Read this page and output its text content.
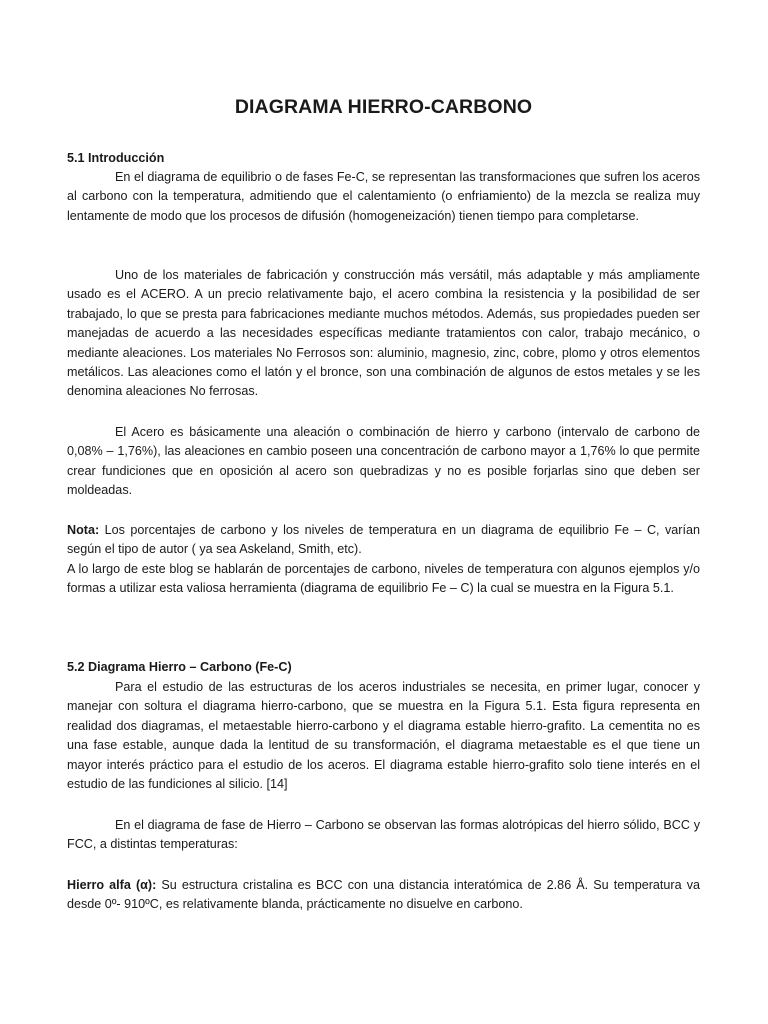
DIAGRAMA HIERRO-CARBONO
5.1 Introducción

En el diagrama de equilibrio o de fases Fe-C, se representan las transformaciones que sufren los aceros al carbono con la temperatura, admitiendo que el calentamiento (o enfriamiento) de la mezcla se realiza muy lentamente de modo que los procesos de difusión (homogeneización) tienen tiempo para completarse.

Uno de los materiales de fabricación y construcción más versátil, más adaptable y más ampliamente usado es el ACERO. A un precio relativamente bajo, el acero combina la resistencia y la posibilidad de ser trabajado, lo que se presta para fabricaciones mediante muchos métodos. Además, sus propiedades pueden ser manejadas de acuerdo a las necesidades específicas mediante tratamientos con calor, trabajo mecánico, o mediante aleaciones. Los materiales No Ferrosos son: aluminio, magnesio, zinc, cobre, plomo y otros elementos metálicos. Las aleaciones como el latón y el bronce, son una combinación de algunos de estos metales y se les denomina aleaciones No ferrosas.

El Acero es básicamente una aleación o combinación de hierro y carbono (intervalo de carbono de 0,08% – 1,76%), las aleaciones en cambio poseen una concentración de carbono mayor a 1,76% lo que permite crear fundiciones que en oposición al acero son quebradizas y no es posible forjarlas sino que deben ser moldeadas.

Nota: Los porcentajes de carbono y los niveles de temperatura en un diagrama de equilibrio Fe – C, varían según el tipo de autor ( ya sea Askeland, Smith, etc).

A lo largo de este blog se hablarán de porcentajes de carbono, niveles de temperatura con algunos ejemplos y/o formas a utilizar esta valiosa herramienta (diagrama de equilibrio Fe – C) la cual se muestra en la Figura 5.1.

5.2 Diagrama Hierro – Carbono (Fe-C)

Para el estudio de las estructuras de los aceros industriales se necesita, en primer lugar, conocer y manejar con soltura el diagrama hierro-carbono, que se muestra en la Figura 5.1. Esta figura representa en realidad dos diagramas, el metaestable hierro-carbono y el diagrama estable hierro-grafito. La cementita no es una fase estable, aunque dada la lentitud de su transformación, el diagrama metaestable es el que tiene un mayor interés práctico para el estudio de los aceros. El diagrama estable hierro-grafito solo tiene interés en el estudio de las fundiciones al silicio. [14]

En el diagrama de fase de Hierro – Carbono se observan las formas alotrópicas del hierro sólido, BCC y FCC, a distintas temperaturas:

Hierro alfa (α): Su estructura cristalina es BCC con una distancia interatómica de 2.86 Å. Su temperatura va desde 0º- 910ºC, es relativamente blanda, prácticamente no disuelve en carbono.
